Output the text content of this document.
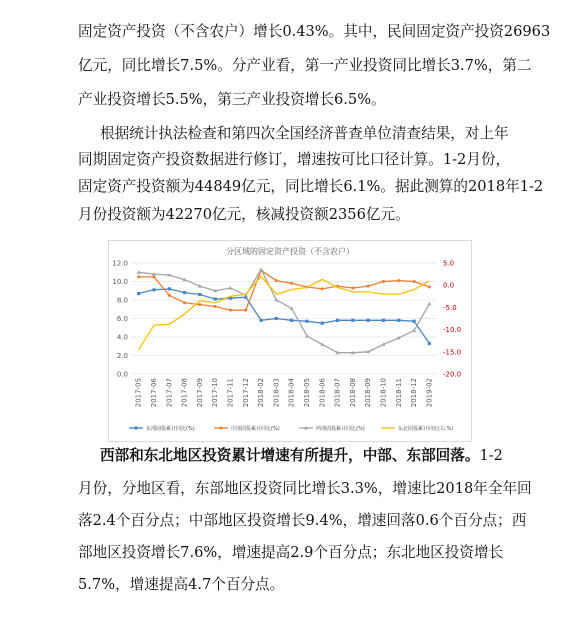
固定资产投资（不含农户）增长0.43%。其中，民间固定资产投资26963
亿元，同比增长7.5%。分产业看，第一产业投资同比增长3.7%，第二
产业投资增长5.5%，第三产业投资增长6.5%。
根据统计执法检查和第四次全国经济普查单位清查结果，对上年
同期固定资产投资数据进行修订，增速按可比口径计算。1-2月份，
固定资产投资额为44849亿元，同比增长6.1%。据此测算的2018年1-2
月份投资额为42270亿元，核减投资额2356亿元。
分区域的固定资产投资（不含农户）
12.0
10.0
8.0
6.0
4.0
2.0
0.0
5.0
0.0
-5.0
-10.0
-15.0
-20.0
2017-05 2017-06 2017-07 2017-08 2017-09 2017-10 2017-11 2017-12 2018-02 2018-03 2018-04 2018-05 2018-06 2018-07 2018-08 2018-09 2018-10 2018-11 2018-12 2019-02
东部固投累计同比(%)	中部固投累计同比(%)	西部固投累计同比(%)	东北固投累计同比(右,%)
西部和东北地区投资累计增速有所提升，中部、东部回落。1-2
月份，分地区看，东部地区投资同比增长3.3%，增速比2018年全年回
落2.4个百分点；中部地区投资增长9.4%，增速回落0.6个百分点；西
部地区投资增长7.6%，增速提高2.9个百分点；东北地区投资增长
5.7%，增速提高4.7个百分点。
